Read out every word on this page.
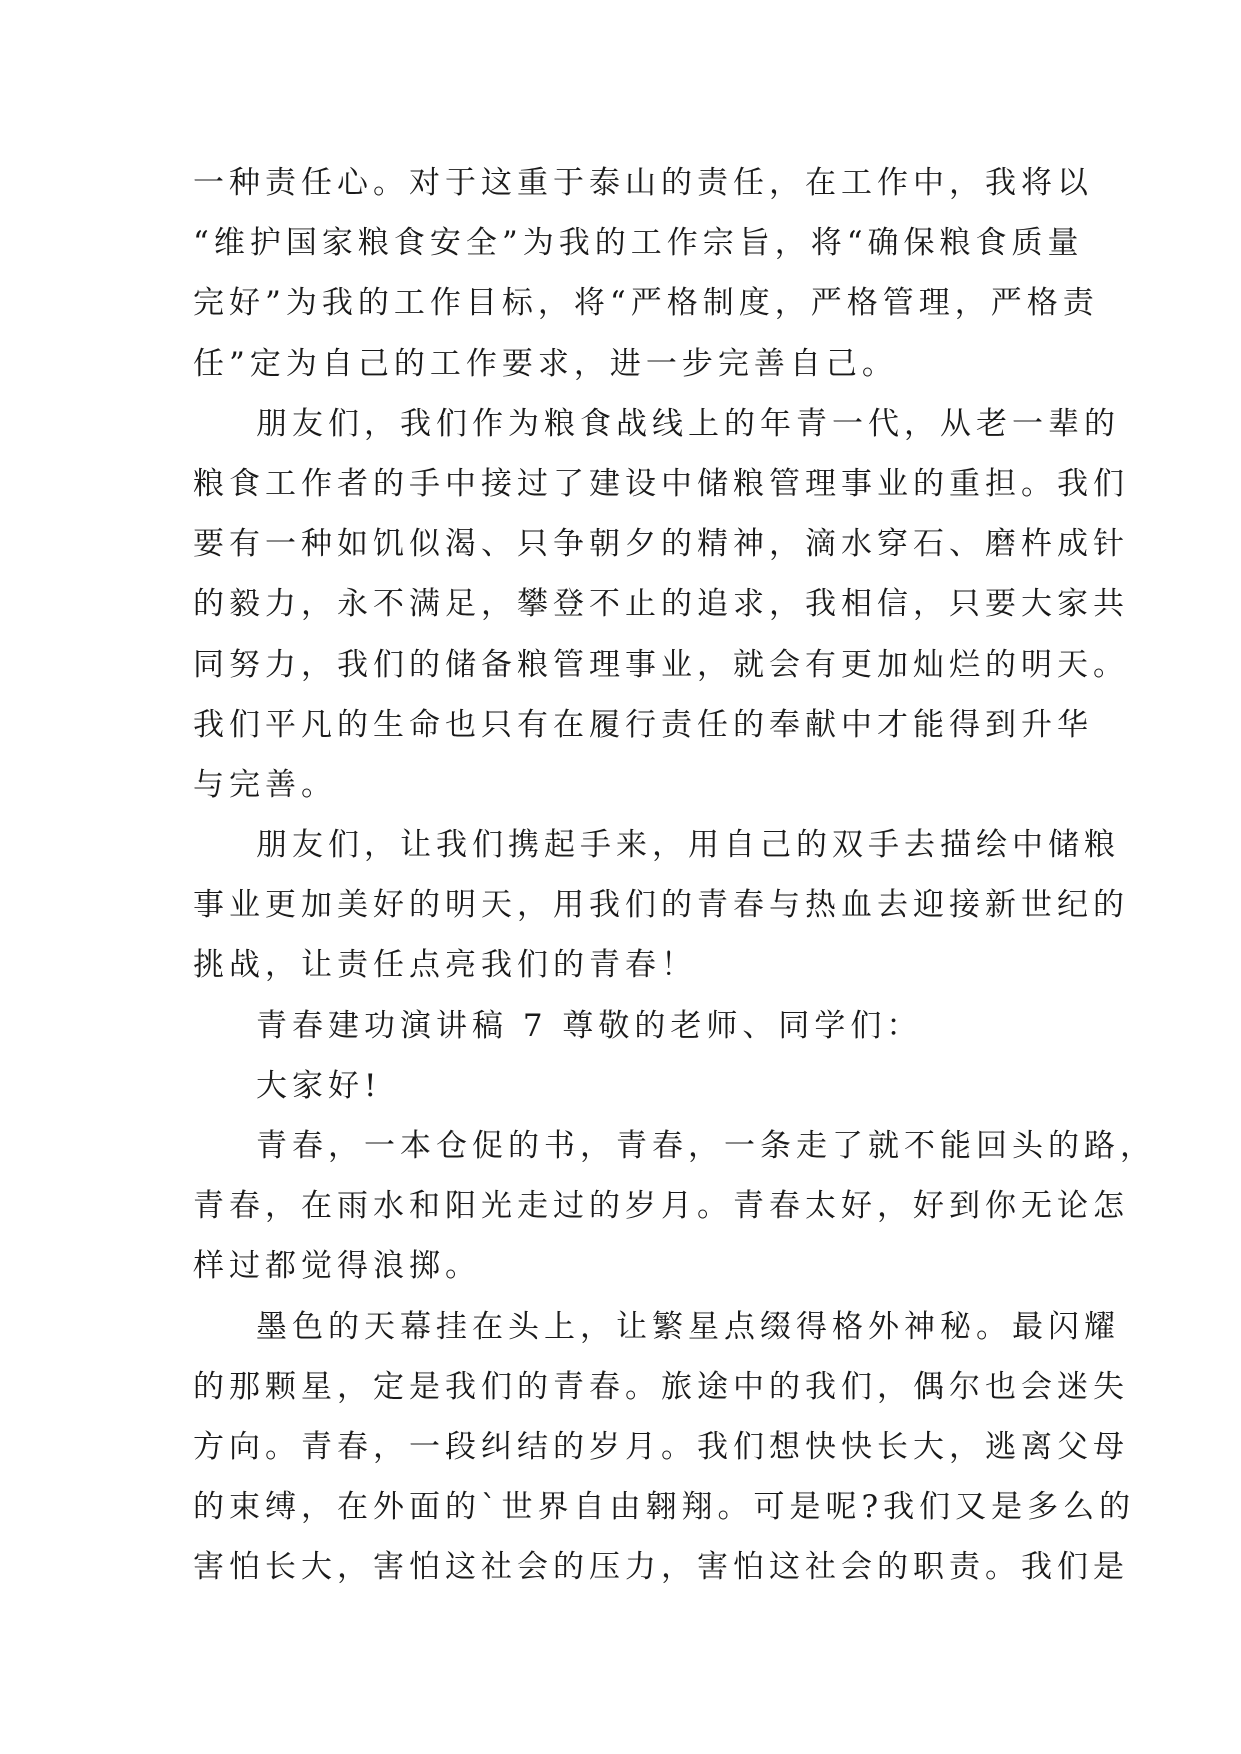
一种责任心。对于这重于泰山的责任，在工作中，我将以
“维护国家粮食安全”为我的工作宗旨，将“确保粮食质量
完好”为我的工作目标，将“严格制度，严格管理，严格责
任”定为自己的工作要求，进一步完善自己。
朋友们，我们作为粮食战线上的年青一代，从老一辈的
粮食工作者的手中接过了建设中储粮管理事业的重担。我们
要有一种如饥似渴、只争朝夕的精神，滴水穿石、磨杵成针
的毅力，永不满足，攀登不止的追求，我相信，只要大家共
同努力，我们的储备粮管理事业，就会有更加灿烂的明天。
我们平凡的生命也只有在履行责任的奉献中才能得到升华
与完善。
朋友们，让我们携起手来，用自己的双手去描绘中储粮
事业更加美好的明天，用我们的青春与热血去迎接新世纪的
挑战，让责任点亮我们的青春！
青春建功演讲稿 7 尊敬的老师、同学们：
大家好!
青春，一本仓促的书，青春，一条走了就不能回头的路，
青春，在雨水和阳光走过的岁月。青春太好，好到你无论怎
样过都觉得浪掷。
墨色的天幕挂在头上，让繁星点缀得格外神秘。最闪耀
的那颗星，定是我们的青春。旅途中的我们，偶尔也会迷失
方向。青春，一段纠结的岁月。我们想快快长大，逃离父母
的束缚，在外面的`世界自由翱翔。可是呢?我们又是多么的
害怕长大，害怕这社会的压力，害怕这社会的职责。我们是
